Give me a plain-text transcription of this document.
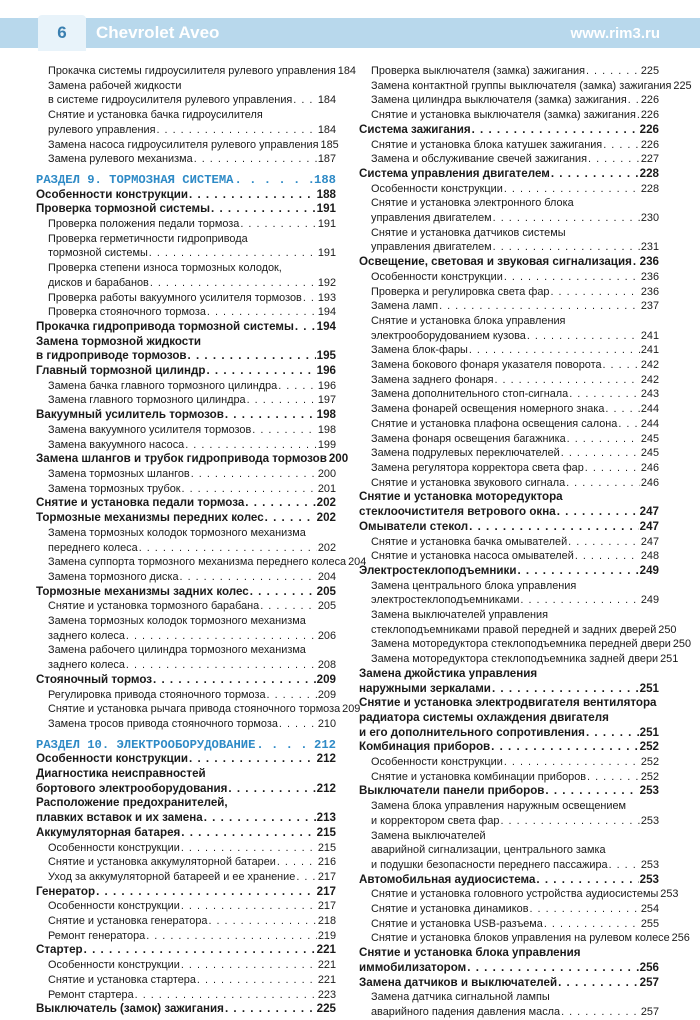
6	Chevrolet Aveo	www.rim3.ru
Прокачка системы гидроусилителя рулевого управления 184
Замена рабочей жидкости
в системе гидроусилителя рулевого управления . . . 184
Снятие и установка бачка гидроусилителя
рулевого управления . . .	184
Замена насоса гидроусилителя рулевого управления 185
Замена рулевого механизма . . .	187
РАЗДЕЛ 9. ТОРМОЗНАЯ СИСТЕМА . . .	188
Особенности конструкции . . .	188
Проверка тормозной системы . . .	191
Проверка положения педали тормоза . . .	191
Проверка герметичности гидропривода
тормозной системы . . .	191
Проверка степени износа тормозных колодок,
дисков и барабанов . . .	192
Проверка работы вакуумного усилителя тормозов . . . 193
Проверка стояночного тормоза . . .	194
Прокачка гидропривода тормозной системы . . . 194
Замена тормозной жидкости
в гидроприводе тормозов . . .	195
Главный тормозной цилиндр . . .	196
Замена бачка главного тормозного цилиндра . . .	196
Замена главного тормозного цилиндра . . .	197
Вакуумный усилитель тормозов . . .	198
Замена вакуумного усилителя тормозов . . .	198
Замена вакуумного насоса . . .	199
Замена шлангов и трубок гидропривода тормозов 200
Замена тормозных шлангов . . .	200
Замена тормозных трубок . . .	201
Снятие и установка педали тормоза . . .	202
Тормозные механизмы передних колес . . .	202
Замена тормозных колодок тормозного механизма
переднего колеса . . .	202
Замена суппорта тормозного механизма переднего колеса 204
Замена тормозного диска . . .	204
Тормозные механизмы задних колес . . .	205
Снятие и установка тормозного барабана . . .	205
Замена тормозных колодок тормозного механизма
заднего колеса . . .	206
Замена рабочего цилиндра тормозного механизма
заднего колеса . . .	208
Стояночный тормоз . . .	209
Регулировка привода стояночного тормоза . . .	209
Снятие и установка рычага привода стояночного тормоза 209
Замена тросов привода стояночного тормоза . . .	210
РАЗДЕЛ 10. ЭЛЕКТРООБОРУДОВАНИЕ . . .	212
Особенности конструкции . . .	212
Диагностика неисправностей
бортового электрооборудования . . .	212
Расположение предохранителей,
плавких вставок и их замена . . .	213
Аккумуляторная батарея . . .	215
Особенности конструкции . . .	215
Снятие и установка аккумуляторной батареи . . .	216
Уход за аккумуляторной батареей и ее хранение . . . 217
Генератор . . .	217
Особенности конструкции . . .	217
Снятие и установка генератора . . .	218
Ремонт генератора . . .	219
Стартер . . .	221
Особенности конструкции . . .	221
Снятие и установка стартера . . .	221
Ремонт стартера . . .	223
Выключатель (замок) зажигания . . .	225
Проверка выключателя (замка) зажигания . . .	225
Замена контактной группы выключателя (замка) зажигания 225
Замена цилиндра выключателя (замка) зажигания . . . 226
Снятие и установка выключателя (замка) зажигания . . . 226
Система зажигания . . .	226
Снятие и установка блока катушек зажигания . . .	226
Замена и обслуживание свечей зажигания . . .	227
Система управления двигателем . . .	228
Особенности конструкции . . .	228
Снятие и установка электронного блока
управления двигателем . . .	230
Снятие и установка датчиков системы
управления двигателем . . .	231
Освещение, световая и звуковая сигнализация . . . 236
Особенности конструкции . . .	236
Проверка и регулировка света фар . . .	236
Замена ламп . . .	237
Снятие и установка блока управления
электрооборудованием кузова . . .	241
Замена блок-фары . . .	241
Замена бокового фонаря указателя поворота . . .	242
Замена заднего фонаря . . .	242
Замена дополнительного стоп-сигнала . . .	243
Замена фонарей освещения номерного знака . . .	244
Снятие и установка плафона освещения салона . . . 244
Замена фонаря освещения багажника . . .	245
Замена подрулевых переключателей . . .	245
Замена регулятора корректора света фар . . .	246
Снятие и установка звукового сигнала . . .	246
Снятие и установка моторедуктора
стеклоочистителя ветрового окна . . .	247
Омыватели стекол . . .	247
Снятие и установка бачка омывателей . . .	247
Снятие и установка насоса омывателей . . .	248
Электростеклоподъемники . . .	249
Замена центрального блока управления
электростеклоподъемниками . . .	249
Замена выключателей управления
стеклоподъемниками правой передней и задних дверей 250
Замена моторедуктора стеклоподъемника передней двери 250
Замена моторедуктора стеклоподъемника задней двери 251
Замена джойстика управления
наружными зеркалами . . .	251
Снятие и установка электродвигателя вентилятора
радиатора системы охлаждения двигателя
и его дополнительного сопротивления . . .	251
Комбинация приборов . . .	252
Особенности конструкции . . .	252
Снятие и установка комбинации приборов . . .	252
Выключатели панели приборов . . .	253
Замена блока управления наружным освещением
и корректором света фар . . .	253
Замена выключателей
аварийной сигнализации, центрального замка
и подушки безопасности переднего пассажира . . .	253
Автомобильная аудиосистема . . .	253
Снятие и установка головного устройства аудиосистемы 253
Снятие и установка динамиков . . .	254
Снятие и установка USB-разъема . . .	255
Снятие и установка блоков управления на рулевом колесе 256
Снятие и установка блока управления
иммобилизатором . . .	256
Замена датчиков и выключателей . . .	257
Замена датчика сигнальной лампы
аварийного падения давления масла . . .	257
